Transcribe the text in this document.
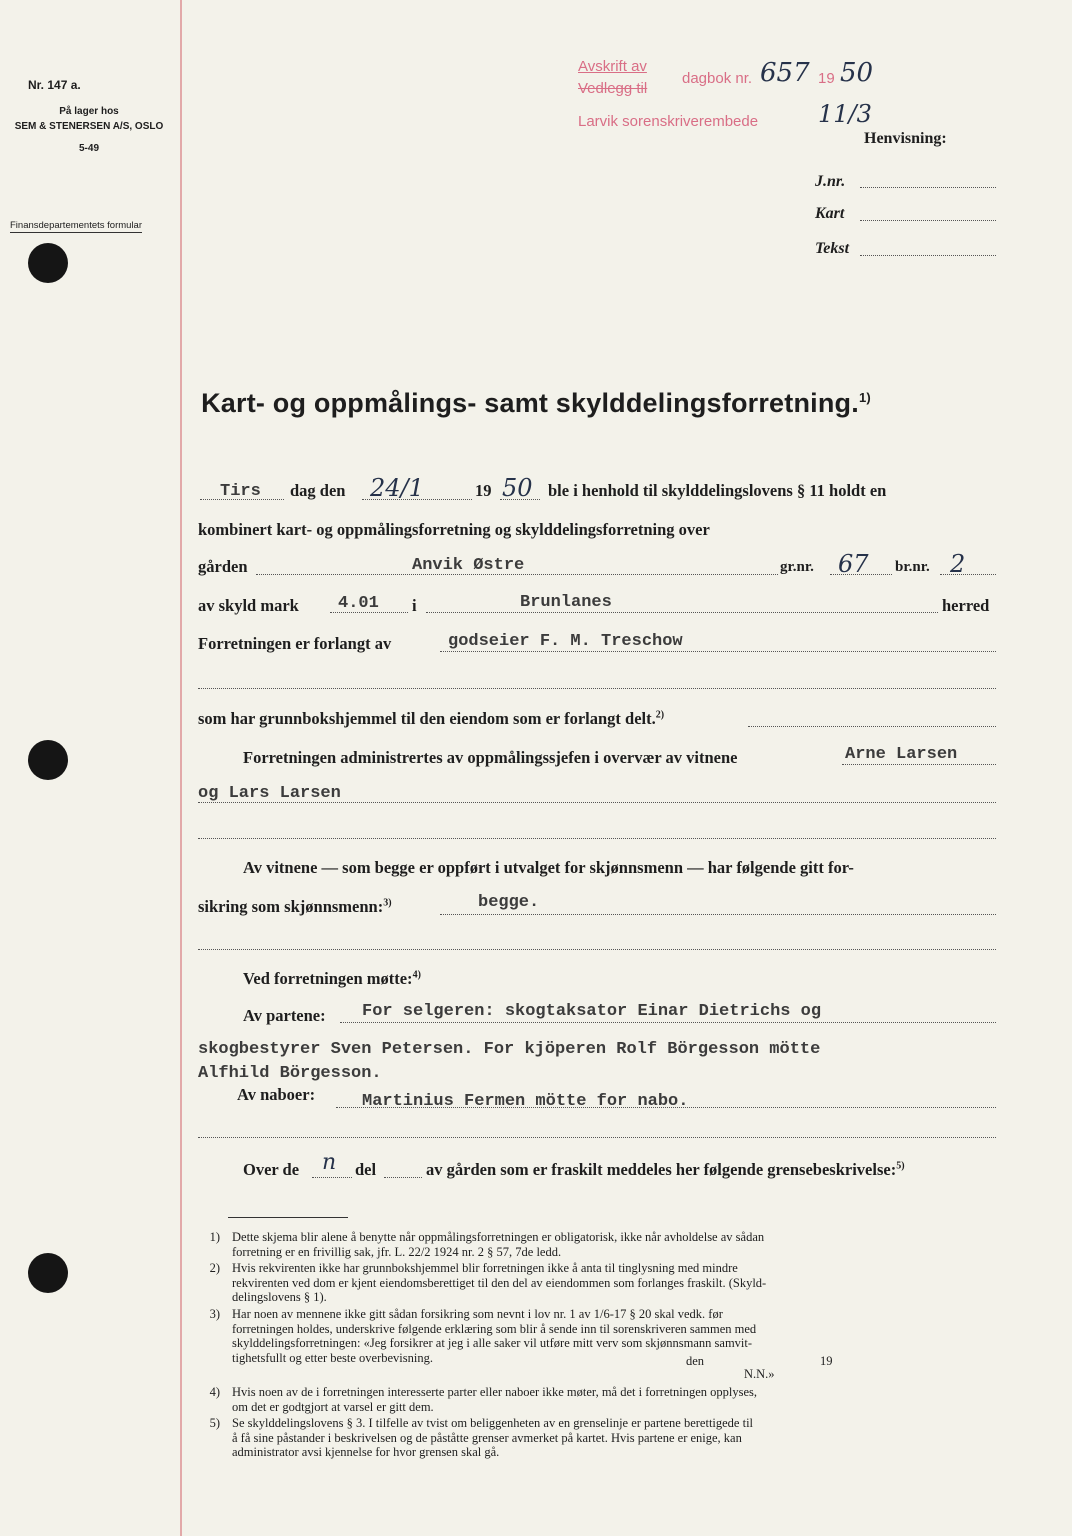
Nr. 147 a.
På lager hos
SEM & STENERSEN A/S, OSLO
5-49
Finansdepartementets formular
Avskrift av
Vedlegg til
Larvik sorenskriverembede
dagbok nr. 657 19 50
11/3
Henvisning:
J.nr.
Kart
Tekst
Kart- og oppmålings- samt skylddelingsforretning.$^{1)}$
Tirs dag den 24/1	19 50 ble i henhold til skylddelingslovens § 11 holdt en
kombinert kart- og oppmålingsforretning og skylddelingsforretning over
gården	Anvik Østre	gr.nr. 67 br.nr. 2
av skyld mark 4.01 i	Brunlanes	herred
Forretningen er forlangt av	godseier F. M. Treschow
som har grunnbokshjemmel til den eiendom som er forlangt delt.$^{2)}$
Forretningen administrertes av oppmålingssjefen i overvær av vitnene	Arne Larsen
og Lars Larsen
Av vitnene — som begge er oppført i utvalget for skjønnsmenn — har følgende gitt for-
sikring som skjønnsmenn:$^{3)}$	begge.
Ved forretningen møtte:$^{4)}$
Av partene: For selgeren: skogtaksator Einar Dietrichs og
skogbestyrer Sven Petersen. For kjöperen Rolf Börgesson mötte
Alfhild Börgesson.
Av naboer:	Martinius Fermen mötte for nabo.
Over de n del	av gården som er fraskilt meddeles her følgende grensebeskrivelse:$^{5)}$
1) Dette skjema blir alene å benytte når oppmålingsforretningen er obligatorisk, ikke når avholdelse av sådan
forretning er en frivillig sak, jfr. L. 22/2 1924 nr. 2 § 57, 7de ledd.
2) Hvis rekvirenten ikke har grunnbokshjemmel blir forretningen ikke å anta til tinglysning med mindre
rekvirenten ved dom er kjent eiendomsberettiget til den del av eiendommen som forlanges fraskilt. (Skyld-
delingslovens § 1).
3) Har noen av mennene ikke gitt sådan forsikring som nevnt i lov nr. 1 av 1/6-17 § 20 skal vedk. før
forretningen holdes, underskrive følgende erklæring som blir å sende inn til sorenskriveren sammen med
skylddelingsforretningen: «Jeg forsikrer at jeg i alle saker vil utføre mitt verv som skjønnsmann samvit-
tighetsfullt og etter beste overbevisning.	den	19
N.N.»
4) Hvis noen av de i forretningen interesserte parter eller naboer ikke møter, må det i forretningen opplyses,
om det er godtgjort at varsel er gitt dem.
5) Se skylddelingslovens § 3. I tilfelle av tvist om beliggenheten av en grenselinje er partene berettigede til
å få sine påstander i beskrivelsen og de påståtte grenser avmerket på kartet. Hvis partene er enige, kan
administrator avsi kjennelse for hvor grensen skal gå.
